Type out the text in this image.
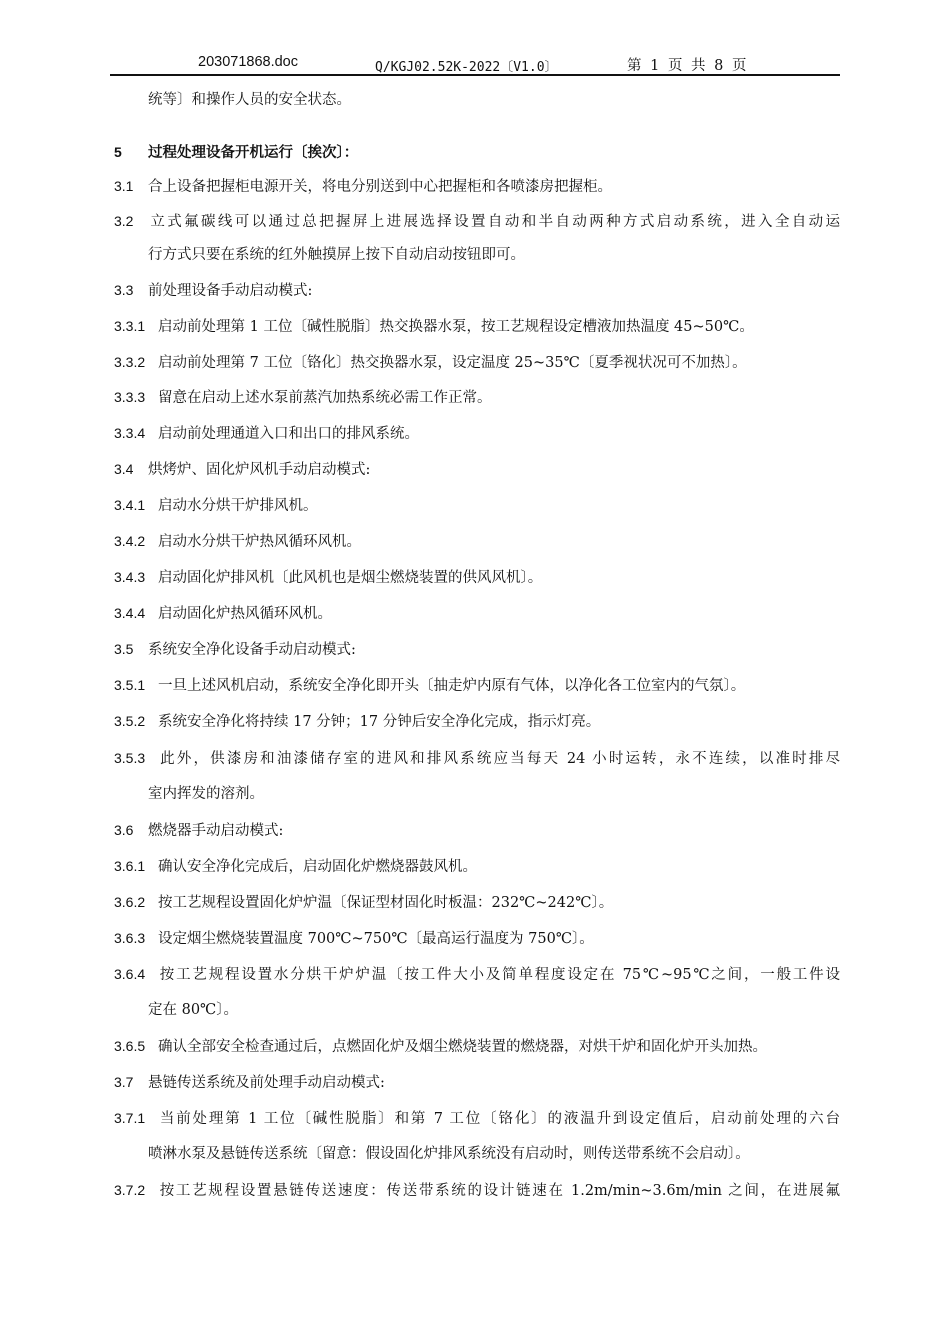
203071868.doc	Q/KGJ02.52K-2022〔V1.0〕	第 1 页 共 8 页
统等〕和操作人员的安全状态。
5 过程处理设备开机运行〔挨次〕：
3.1 合上设备把握柜电源开关，将电分别送到中心把握柜和各喷漆房把握柜。
3.2 立式氟碳线可以通过总把握屏上进展选择设置自动和半自动两种方式启动系统，进入全自动运
行方式只要在系统的红外触摸屏上按下自动启动按钮即可。
3.3 前处理设备手动启动模式:
3.3.1 启动前处理第 1 工位〔碱性脱脂〕热交换器水泵，按工艺规程设定槽液加热温度 45~50℃。
3.3.2 启动前处理第 7 工位〔铬化〕热交换器水泵，设定温度 25~35℃〔夏季视状况可不加热〕。
3.3.3 留意在启动上述水泵前蒸汽加热系统必需工作正常。
3.3.4 启动前处理通道入口和出口的排风系统。
3.4 烘烤炉、固化炉风机手动启动模式:
3.4.1 启动水分烘干炉排风机。
3.4.2 启动水分烘干炉热风循环风机。
3.4.3 启动固化炉排风机〔此风机也是烟尘燃烧装置的供风风机〕。
3.4.4 启动固化炉热风循环风机。
3.5 系统安全净化设备手动启动模式:
3.5.1 一旦上述风机启动，系统安全净化即开头〔抽走炉内原有气体，以净化各工位室内的气氛〕。
3.5.2 系统安全净化将持续 17 分钟；17 分钟后安全净化完成，指示灯亮。
3.5.3 此外，供漆房和油漆储存室的进风和排风系统应当每天 24 小时运转，永不连续，以准时排尽
室内挥发的溶剂。
3.6 燃烧器手动启动模式:
3.6.1 确认安全净化完成后，启动固化炉燃烧器鼓风机。
3.6.2 按工艺规程设置固化炉炉温〔保证型材固化时板温：232℃~242℃〕。
3.6.3 设定烟尘燃烧装置温度 700℃~750℃〔最高运行温度为 750℃〕。
3.6.4 按工艺规程设置水分烘干炉炉温〔按工件大小及简单程度设定在 75℃~95℃之间，一般工件设
定在 80℃〕。
3.6.5 确认全部安全检查通过后，点燃固化炉及烟尘燃烧装置的燃烧器，对烘干炉和固化炉开头加热。
3.7 悬链传送系统及前处理手动启动模式:
3.7.1 当前处理第 1 工位〔碱性脱脂〕和第 7 工位〔铬化〕的液温升到设定值后，启动前处理的六台
喷淋水泵及悬链传送系统〔留意：假设固化炉排风系统没有启动时，则传送带系统不会启动〕。
3.7.2 按工艺规程设置悬链传送速度：传送带系统的设计链速在 1.2m/min~3.6m/min 之间，在进展氟
